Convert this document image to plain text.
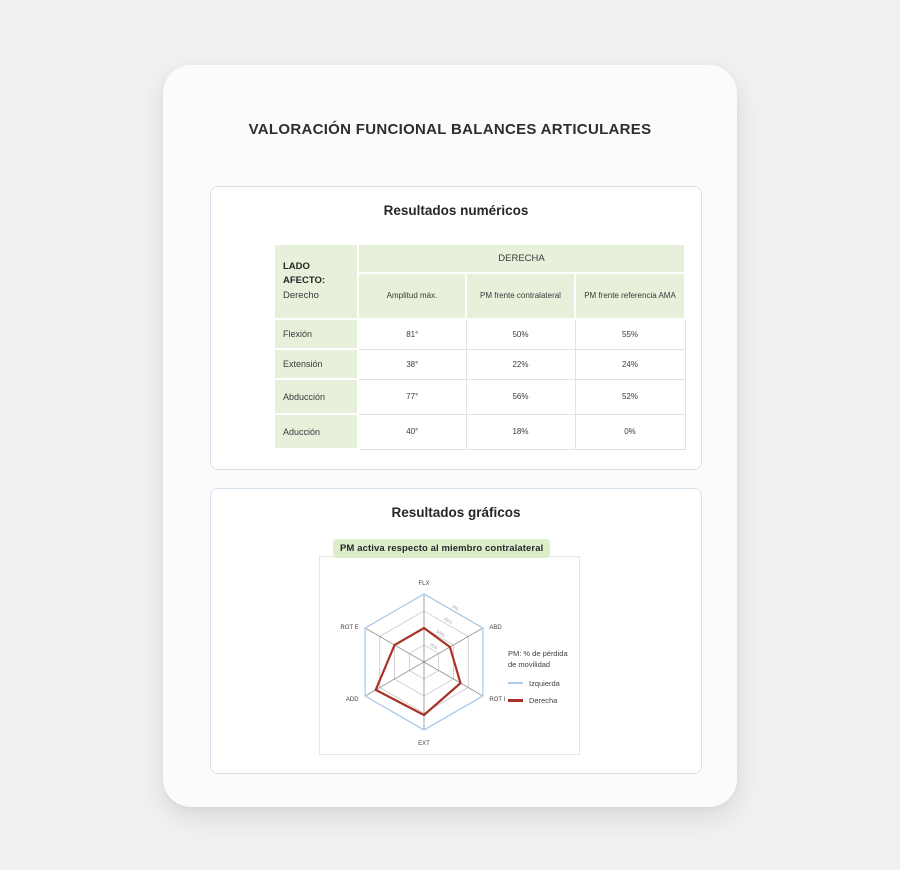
VALORACIÓN FUNCIONAL BALANCES ARTICULARES
Resultados numéricos
LADO AFECTO:
Derecho	DERECHA		
	Amplitud máx.	PM frente contralateral	PM frente referencia AMA
Flexión	81°	50%	55%
Extensión	38°	22%	24%
Abducción	77°	56%	52%
Aducción	40°	18%	0%
Resultados gráficos
PM activa respecto al miembro contralateral
0%
25%
50%
75%
FLX
ABD
ROT I
EXT
ADD
ROT E
PM: % de pérdida
de movilidad
Izquierda
Derecha
